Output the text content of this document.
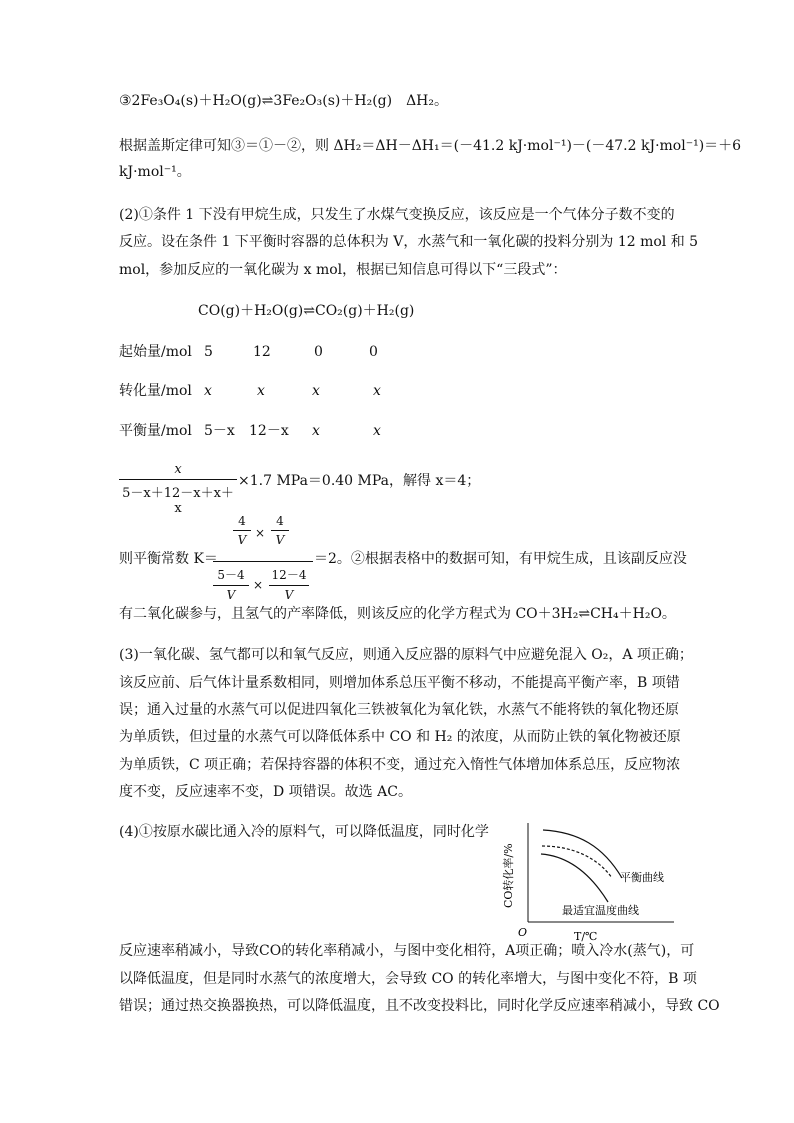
③2Fe₃O₄(s)＋H₂O(g)⇌3Fe₂O₃(s)＋H₂(g)　ΔH₂。
根据盖斯定律可知③＝①－②，则 ΔH₂＝ΔH－ΔH₁＝(－41.2 kJ·mol⁻¹)－(－47.2 kJ·mol⁻¹)＝＋6
kJ·mol⁻¹。
(2)①条件 1 下没有甲烷生成，只发生了水煤气变换反应，该反应是一个气体分子数不变的
反应。设在条件 1 下平衡时容器的总体积为 V，水蒸气和一氧化碳的投料分别为 12 mol 和 5
mol，参加反应的一氧化碳为 x mol，根据已知信息可得以下“三段式”：
CO(g)＋H₂O(g)⇌CO₂(g)＋H₂(g)
起始量/mol 5	12	0	0
转化量/mol x	x	x	x
平衡量/mol 5－x 12－x x	x
$\frac{x}{5-x+12-x+x+x} \times 1.7$ MPa＝0.40 MPa，解得 x＝4；
则平衡常数 K＝
$\frac{\frac{4}{V} \times \frac{4}{V}}{\frac{5-4}{V} \times \frac{12-4}{V}} =2$。②根据表格中的数据可知，有甲烷生成，且该副反应没
有二氧化碳参与，且氢气的产率降低，则该反应的化学方程式为 CO＋3H₂⇌CH₄＋H₂O。
(3)一氧化碳、氢气都可以和氧气反应，则通入反应器的原料气中应避免混入 O₂，A 项正确；
该反应前、后气体计量系数相同，则增加体系总压平衡不移动，不能提高平衡产率，B 项错
误；通入过量的水蒸气可以促进四氧化三铁被氧化为氧化铁，水蒸气不能将铁的氧化物还原
为单质铁，但过量的水蒸气可以降低体系中 CO 和 H₂ 的浓度，从而防止铁的氧化物被还原
为单质铁，C 项正确；若保持容器的体积不变，通过充入惰性气体增加体系总压，反应物浓
度不变，反应速率不变，D 项错误。故选 AC。
(4)①按原水碳比通入冷的原料气，可以降低温度，同时化学
CO转化率/%
O	T/℃
平衡曲线
最适宜温度曲线
反应速率稍减小，导致CO的转化率稍减小，与图中变化相符，A项正确；喷入冷水(蒸气)，可
以降低温度，但是同时水蒸气的浓度增大，会导致 CO 的转化率增大，与图中变化不符，B 项
错误；通过热交换器换热，可以降低温度，且不改变投料比，同时化学反应速率稍减小，导致 CO
